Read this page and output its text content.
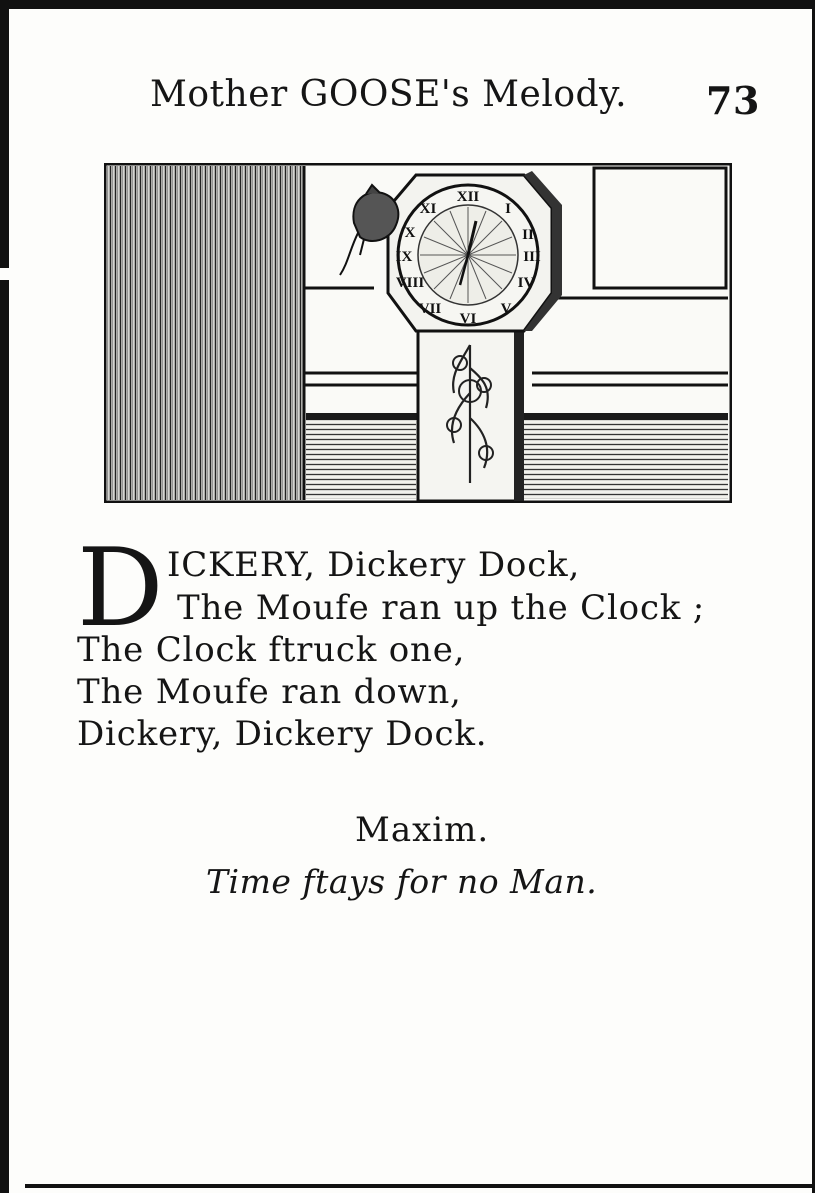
Mother GOOSE's Melody. 73
XII
I
II
III
IV
V
VI
VII
VIII
IX
X
XI
D ICKERY, Dickery Dock,
The Moufe ran up the Clock ;
The Clock ftruck one,
The Moufe ran down,
Dickery, Dickery Dock.
Maxim.
Time ftays for no Man.
